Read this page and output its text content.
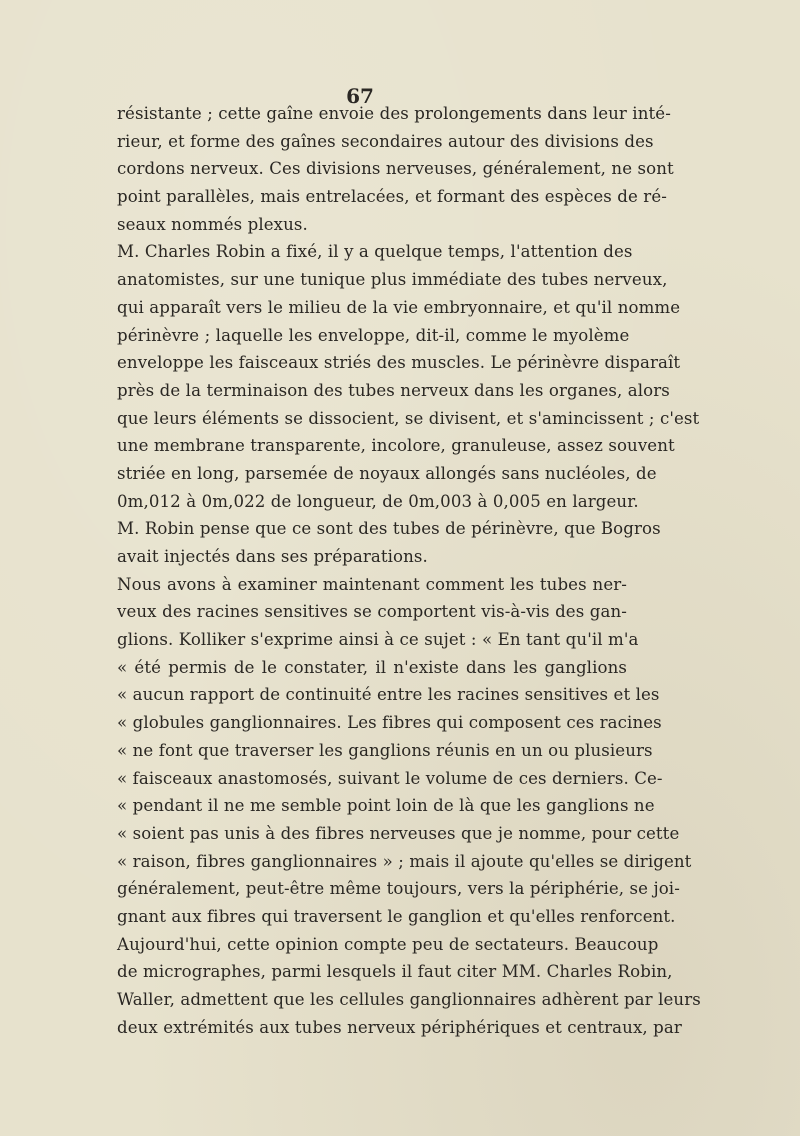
67
résistante ; cette gaîne envoie des prolongements dans leur inté-
rieur, et forme des gaînes secondaires autour des divisions des
cordons nerveux. Ces divisions nerveuses, généralement, ne sont
point parallèles, mais entrelacées, et formant des espèces de ré-
seaux nommés plexus.
M. Charles Robin a fixé, il y a quelque temps, l'attention des
anatomistes, sur une tunique plus immédiate des tubes nerveux,
qui apparaît vers le milieu de la vie embryonnaire, et qu'il nomme
périnèvre ; laquelle les enveloppe, dit-il, comme le myolème
enveloppe les faisceaux striés des muscles. Le périnèvre disparaît
près de la terminaison des tubes nerveux dans les organes, alors
que leurs éléments se dissocient, se divisent, et s'amincissent ; c'est
une membrane transparente, incolore, granuleuse, assez souvent
striée en long, parsemée de noyaux allongés sans nucléoles, de
0m,012 à 0m,022 de longueur, de 0m,003 à 0,005 en largeur.
M. Robin pense que ce sont des tubes de périnèvre, que Bogros
avait injectés dans ses préparations.
Nous avons à examiner maintenant comment les tubes ner-
veux des racines sensitives se comportent vis-à-vis des gan-
glions. Kolliker s'exprime ainsi à ce sujet : « En tant qu'il m'a
« été permis de le constater, il n'existe dans les ganglions
« aucun rapport de continuité entre les racines sensitives et les
« globules ganglionnaires. Les fibres qui composent ces racines
« ne font que traverser les ganglions réunis en un ou plusieurs
« faisceaux anastomosés, suivant le volume de ces derniers. Ce-
« pendant il ne me semble point loin de là que les ganglions ne
« soient pas unis à des fibres nerveuses que je nomme, pour cette
« raison, fibres ganglionnaires » ; mais il ajoute qu'elles se dirigent
généralement, peut-être même toujours, vers la périphérie, se joi-
gnant aux fibres qui traversent le ganglion et qu'elles renforcent.
Aujourd'hui, cette opinion compte peu de sectateurs. Beaucoup
de micrographes, parmi lesquels il faut citer MM. Charles Robin,
Waller, admettent que les cellules ganglionnaires adhèrent par leurs
deux extrémités aux tubes nerveux périphériques et centraux, par
